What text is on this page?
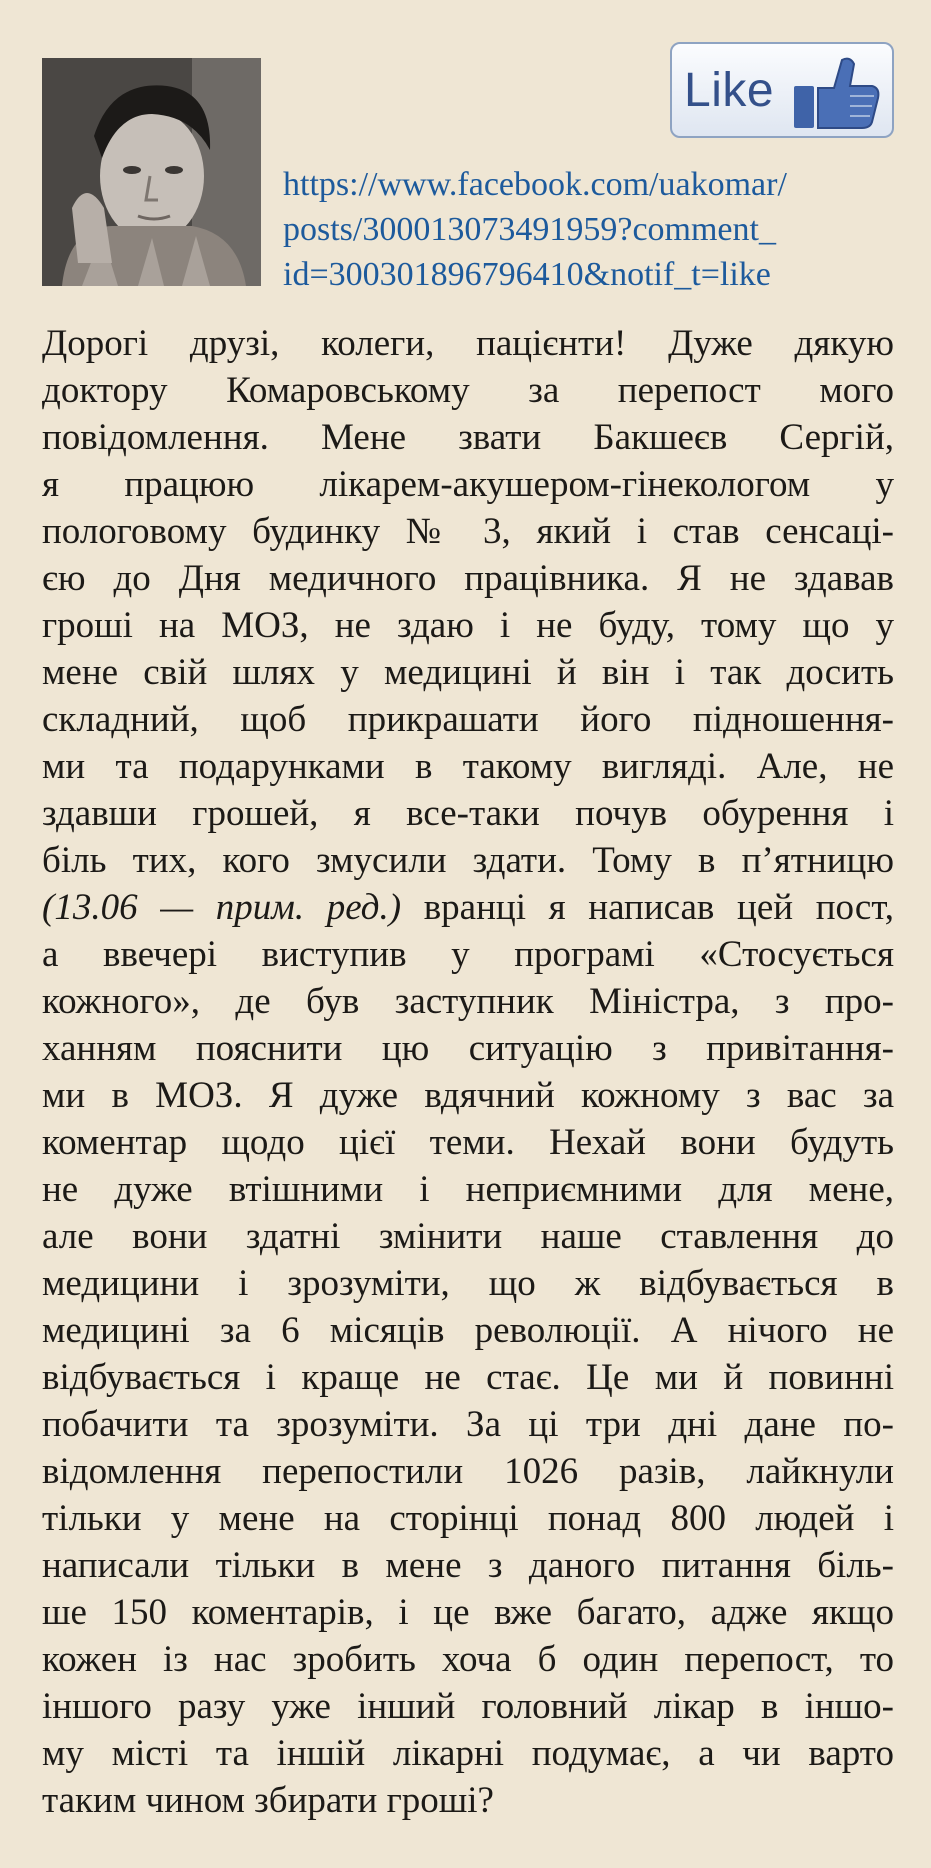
Like
https://www.facebook.com/uakomar/
posts/300013073491959?comment_
id=300301896796410&notif_t=like
Дорогі друзі, колеги, пацієнти! Дуже дякую
доктору Комаровському за перепост мого
повідомлення. Мене звати Бакшеєв Сергій,
я працюю лікарем-акушером-гінекологом у
пологовому будинку № 3, який і став сенсаці-
єю до Дня медичного працівника. Я не здавав
гроші на МОЗ, не здаю і не буду, тому що у
мене свій шлях у медицині й він і так досить
складний, щоб прикрашати його підношення-
ми та подарунками в такому вигляді. Але, не
здавши грошей, я все-таки почув обурення і
біль тих, кого змусили здати. Тому в п’ятницю
(13.06 — прим. ред.) вранці я написав цей пост,
а ввечері виступив у програмі «Стосується
кожного», де був заступник Міністра, з про-
ханням пояснити цю ситуацію з привітання-
ми в МОЗ. Я дуже вдячний кожному з вас за
коментар щодо цієї теми. Нехай вони будуть
не дуже втішними і неприємними для мене,
але вони здатні змінити наше ставлення до
медицини і зрозуміти, що ж відбувається в
медицині за 6 місяців революції. А нічого не
відбувається і краще не стає. Це ми й повинні
побачити та зрозуміти. За ці три дні дане по-
відомлення перепостили 1026 разів, лайкнули
тільки у мене на сторінці понад 800 людей і
написали тільки в мене з даного питання біль-
ше 150 коментарів, і це вже багато, адже якщо
кожен із нас зробить хоча б один перепост, то
іншого разу уже інший головний лікар в іншо-
му місті та іншій лікарні подумає, а чи варто
таким чином збирати гроші?
